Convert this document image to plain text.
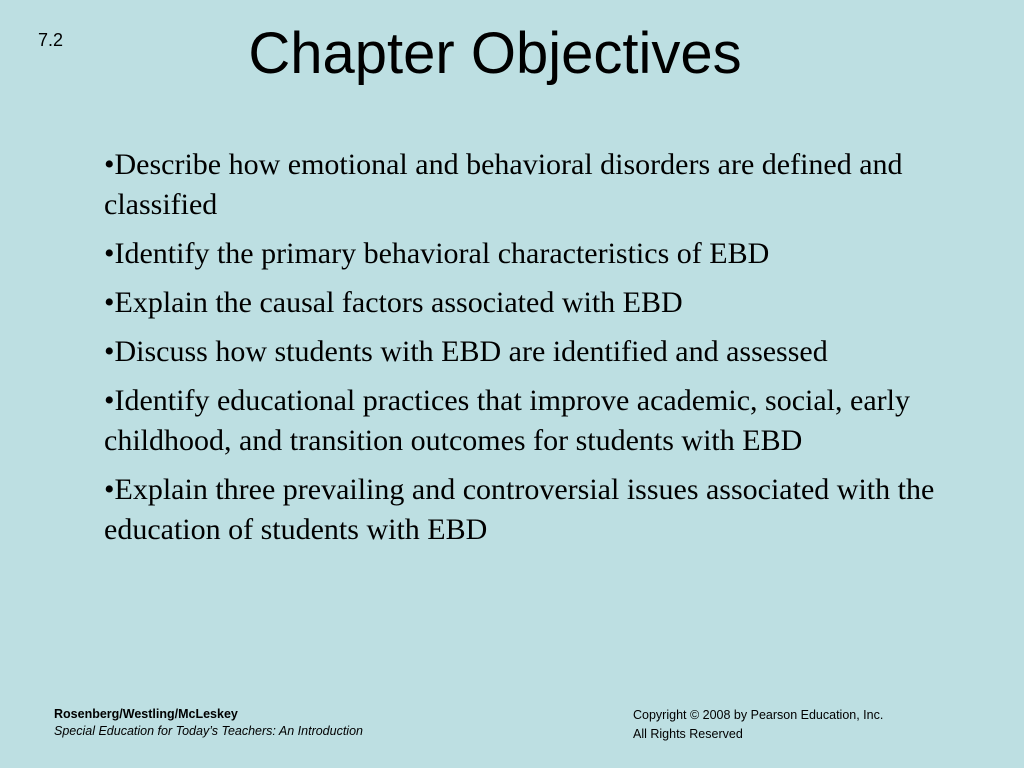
7.2	Chapter Objectives
•Describe how emotional and behavioral disorders are defined and classified
•Identify the primary behavioral characteristics of EBD
•Explain the causal factors associated with EBD
•Discuss how students with EBD are identified and assessed
•Identify educational practices that improve academic, social, early childhood, and transition outcomes for students with EBD
•Explain three prevailing and controversial issues associated with the education of students with EBD
Rosenberg/Westling/McLeskey
Special Education for Today’s Teachers: An Introduction
Copyright © 2008 by Pearson Education, Inc.
All Rights Reserved
